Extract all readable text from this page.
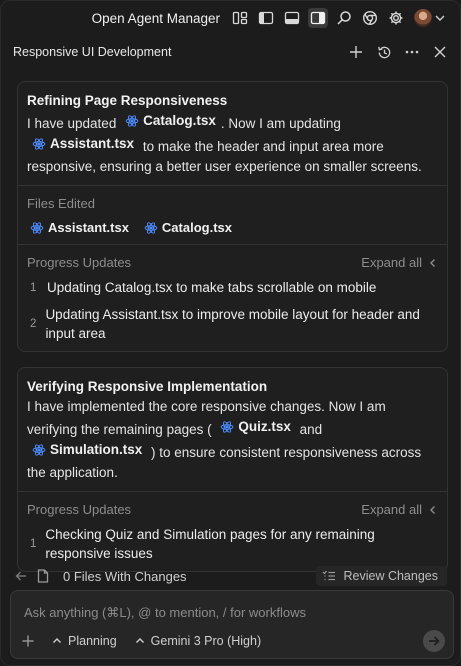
Open Agent Manager
Responsive UI Development
Refining Page Responsiveness
I have updated Catalog.tsx . Now I am updating
Assistant.tsx to make the header and input area more responsive, ensuring a better user experience on smaller screens.
Files Edited
Assistant.tsx	Catalog.tsx
Progress Updates	Expand all
1 Updating Catalog.tsx to make tabs scrollable on mobile
2
Updating Assistant.tsx to improve mobile layout for header and input area
Verifying Responsive Implementation
I have implemented the core responsive changes. Now I am verifying the remaining pages ( Quiz.tsx and
Simulation.tsx ) to ensure consistent responsiveness across the application.
Progress Updates	Expand all
1
Checking Quiz and Simulation pages for any remaining responsive issues
0 Files With Changes	Review Changes
Ask anything (⌘L), @ to mention, / for workflows
Planning	Gemini 3 Pro (High)
